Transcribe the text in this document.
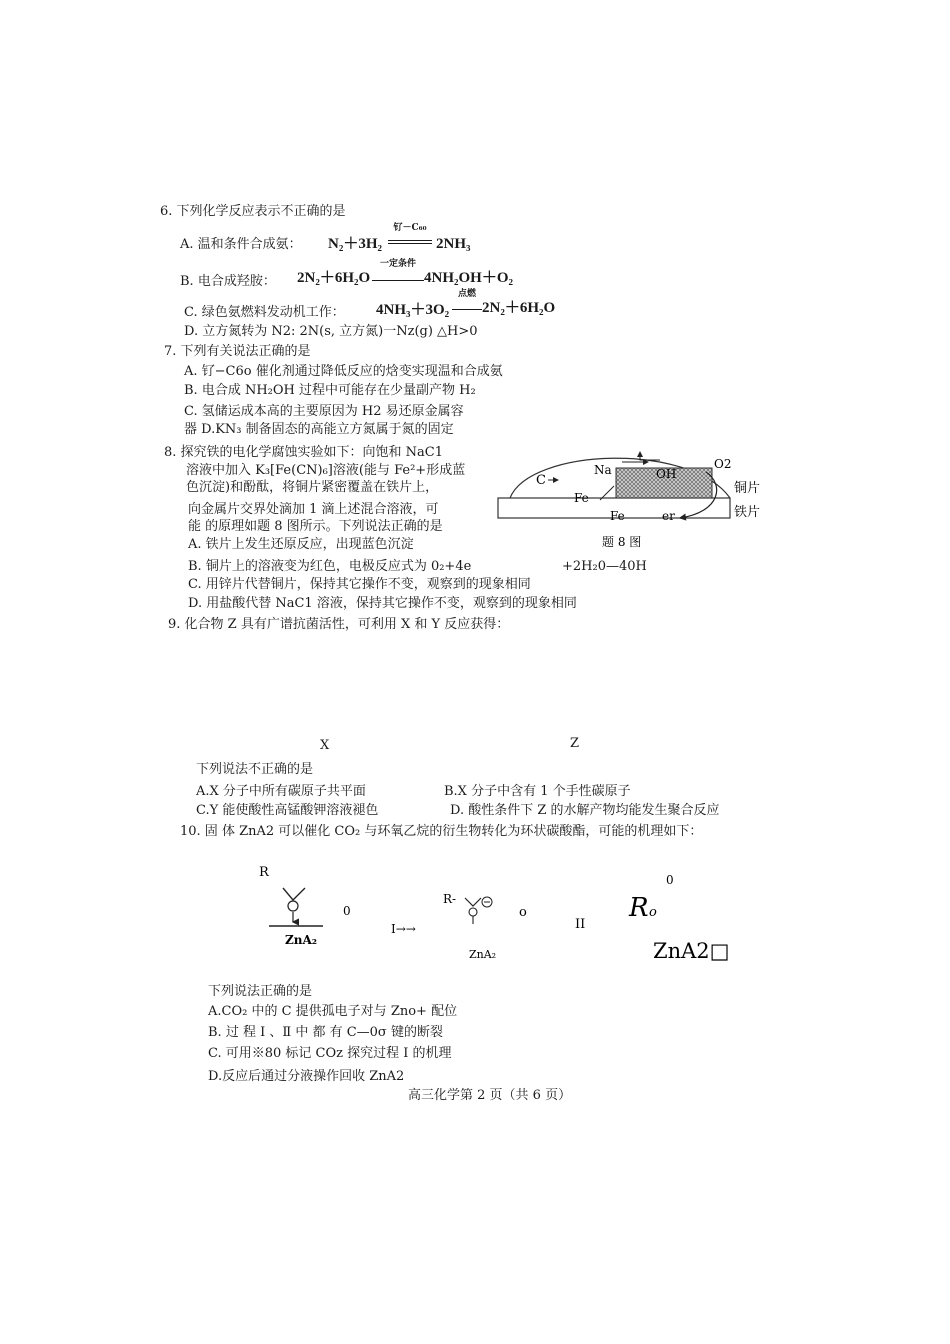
6. 下列化学反应表示不正确的是
A. 温和条件合成氨： N₂＋3H₂
钌－C₆₀
2NH₃
B. 电合成羟胺： 2N₂＋6H₂O
一定条件
4NH₂OH＋O₂
C. 绿色氨燃料发动机工作： 4NH₃＋3O₂
点燃
2N₂＋6H₂O
D. 立方氮转为 N2: 2N(s, 立方氮)一Nz(g) △H>0
7. 下列有关说法正确的是
A. 钌−C6o 催化剂通过降低反应的焓变实现温和合成氨
B. 电合成 NH₂OH 过程中可能存在少量副产物 H₂
C. 氢储运成本高的主要原因为 H2 易还原金属容
器 D.KN₃ 制备固态的高能立方氮属于氮的固定
8. 探究铁的电化学腐蚀实验如下：向饱和 NaC1
溶液中加入 K₃[Fe(CN)₆]溶液(能与 Fe²+形成蓝
色沉淀)和酚酞，将铜片紧密覆盖在铁片上，
向金属片交界处滴加 1 滴上述混合溶液，可
能 的原理如题 8 图所示。下列说法正确的是
A. 铁片上发生还原反应，出现蓝色沉淀
B. 铜片上的溶液变为红色，电极反应式为 0₂+4e	+2H₂0—40H
C. 用锌片代替铜片，保持其它操作不变，观察到的现象相同
D. 用盐酸代替 NaC1 溶液，保持其它操作不变，观察到的现象相同
C
Na	OH
O2
铜片
Fe
Fe	er	铁片
题 8 图
9. 化合物 Z 具有广谱抗菌活性，可利用 X 和 Y 反应获得：
X	Z
下列说法不正确的是
A.X 分子中所有碳原子共平面	B.X 分子中含有 1 个手性碳原子
C.Y 能使酸性高锰酸钾溶液褪色	D. 酸性条件下 Z 的水解产物均能发生聚合反应
10. 固 体 ZnA2 可以催化 CO₂ 与环氧乙烷的衍生物转化为环状碳酸酯，可能的机理如下：
R
ZnA₂
0
I→→
R-
o
ZnA₂
II
0
R o
ZnA2□
下列说法正确的是
A.CO₂ 中的 C 提供孤电子对与 Zno+ 配位
B. 过 程 I 、Ⅱ 中 都 有 C—0σ 键的断裂
C. 可用※80 标记 COz 探究过程 I 的机理
D.反应后通过分液操作回收 ZnA2
高三化学第 2 页（共 6 页）
